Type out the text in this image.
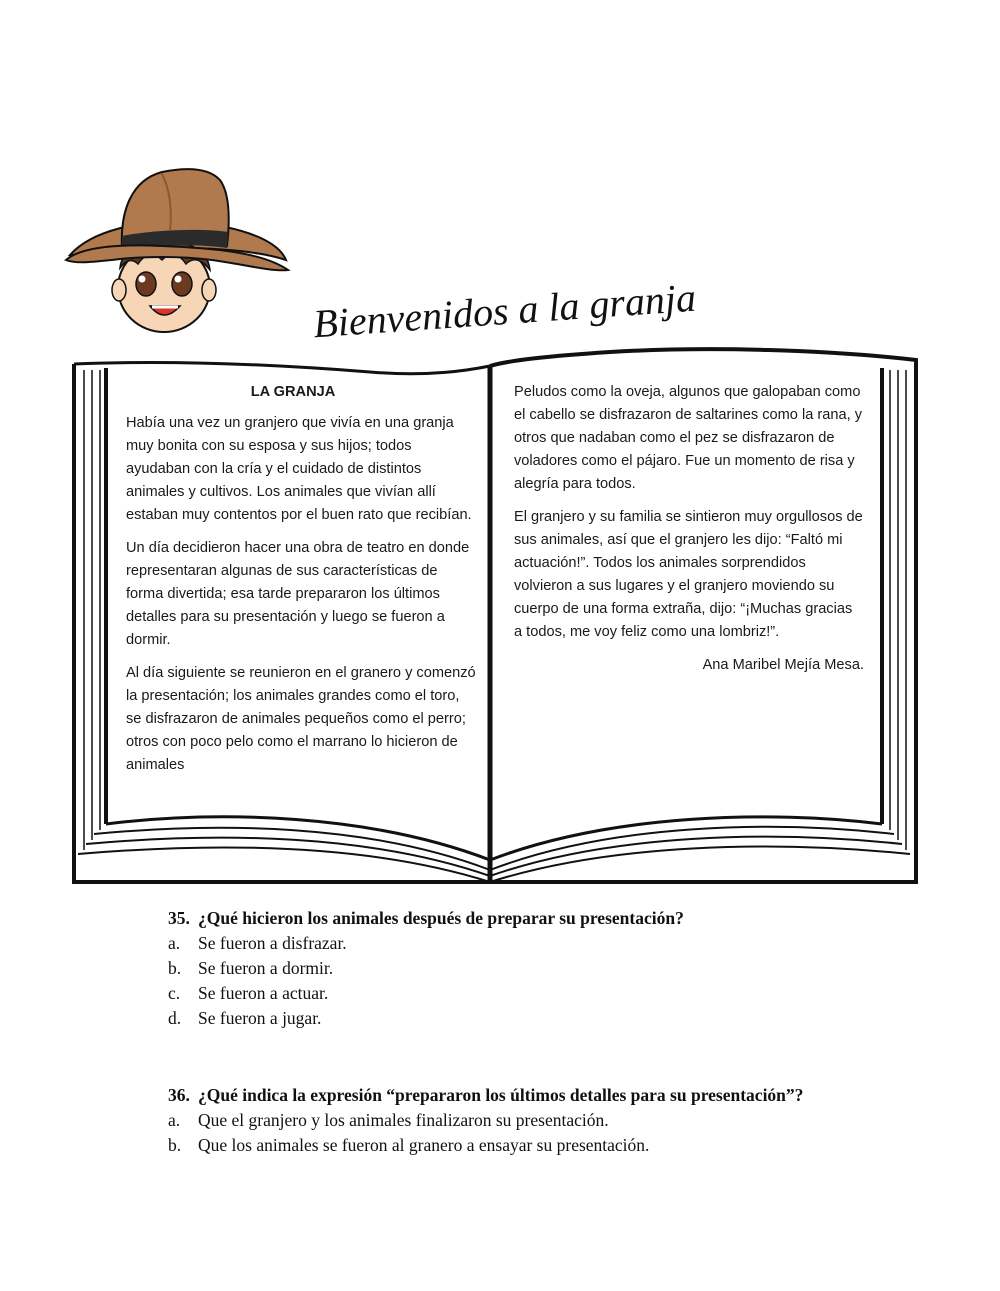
Bienvenidos a la granja
LA GRANJA

Había una vez un granjero que vivía en una granja muy bonita con su esposa y sus hijos; todos ayudaban con la cría y el cuidado de distintos animales y cultivos. Los animales que vivían allí estaban muy contentos por el buen rato que recibían.

Un día decidieron hacer una obra de teatro en donde representaran algunas de sus características de forma divertida; esa tarde prepararon los últimos detalles para su presentación y luego se fueron a dormir.

Al día siguiente se reunieron en el granero y comenzó la presentación; los animales grandes como el toro, se disfrazaron de animales pequeños como el perro; otros con poco pelo como el marrano lo hicieron de animales

Peludos como la oveja, algunos que galopaban como el cabello se disfrazaron de saltarines como la rana, y otros que nadaban como el pez se disfrazaron de voladores como el pájaro. Fue un momento de risa y alegría para todos.

El granjero y su familia se sintieron muy orgullosos de sus animales, así que el granjero les dijo: “Faltó mi actuación!”. Todos los animales sorprendidos volvieron a sus lugares y el granjero moviendo su cuerpo de una forma extraña, dijo: “¡Muchas gracias a todos, me voy feliz como una lombriz!”.

Ana Maribel Mejía Mesa.
35. ¿Qué hicieron los animales después de preparar su presentación?
a.	Se fueron a disfrazar.
b. Se fueron a dormir.
c.	Se fueron a actuar.
d. Se fueron a jugar.
36. ¿Qué indica la expresión “prepararon los últimos detalles para su presentación”?
a.	Que el granjero y los animales finalizaron su presentación.
b. Que los animales se fueron al granero a ensayar su presentación.
